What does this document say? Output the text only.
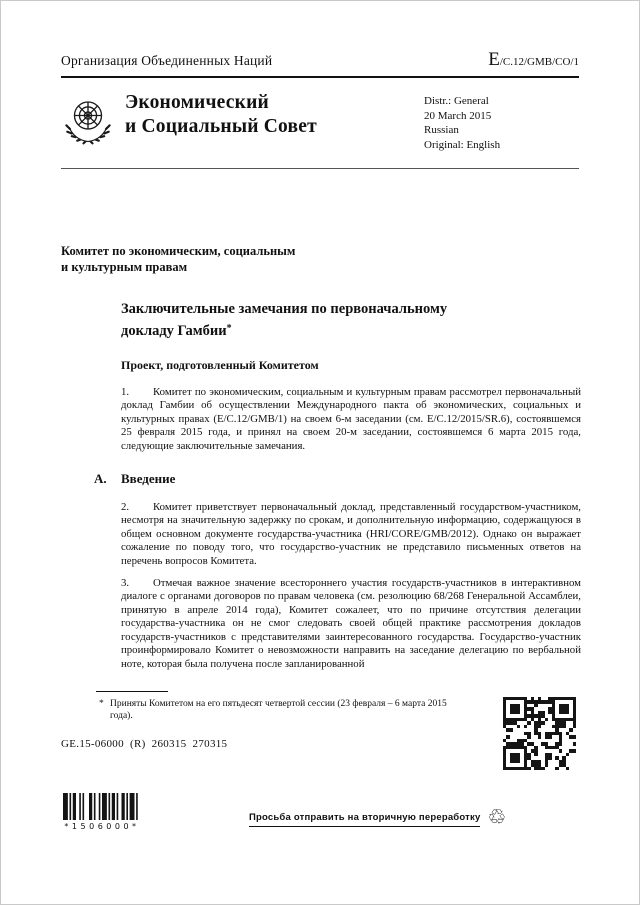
Организация Объединенных Наций	E/C.12/GMB/CO/1
Экономический
и Социальный Совет
Distr.: General
20 March 2015
Russian
Original: English
Комитет по экономическим, социальным
и культурным правам
Заключительные замечания по первоначальному докладу Гамбии*
Проект, подготовленный Комитетом

1. Комитет по экономическим, социальным и культурным правам рассмотрел первоначальный доклад Гамбии об осуществлении Международного пакта об экономических, социальных и культурных правах (E/C.12/GMB/1) на своем 6-м заседании (см. E/C.12/2015/SR.6), состоявшемся 25 февраля 2015 года, и принял на своем 20-м заседании, состоявшемся 6 марта 2015 года, следующие заключительные замечания.

A. Введение

2. Комитет приветствует первоначальный доклад, представленный государством-участником, несмотря на значительную задержку по срокам, и дополнительную информацию, содержащуюся в общем основном документе государства-участника (HRI/CORE/GMB/2012). Однако он выражает сожаление по поводу того, что государство-участник не представило письменных ответов на перечень вопросов Комитета.

3. Отмечая важное значение всестороннего участия государств-участников в интерактивном диалоге с органами договоров по правам человека (см. резолюцию 68/268 Генеральной Ассамблеи, принятую в апреле 2014 года), Комитет сожалеет, что по причине отсутствия делегации государства-участника он не смог следовать своей общей практике рассмотрения докладов государств-участников с представителями заинтересованного государства. Государство-участник проинформировало Комитет о невозможности направить на заседание делегацию по вербальной ноте, которая была получена после запланированной

* Приняты Комитетом на его пятьдесят четвертой сессии (23 февраля – 6 марта 2015 года).
GE.15-06000  (R)  260315  270315
*1506000*
Просьба отправить на вторичную переработку ♲
